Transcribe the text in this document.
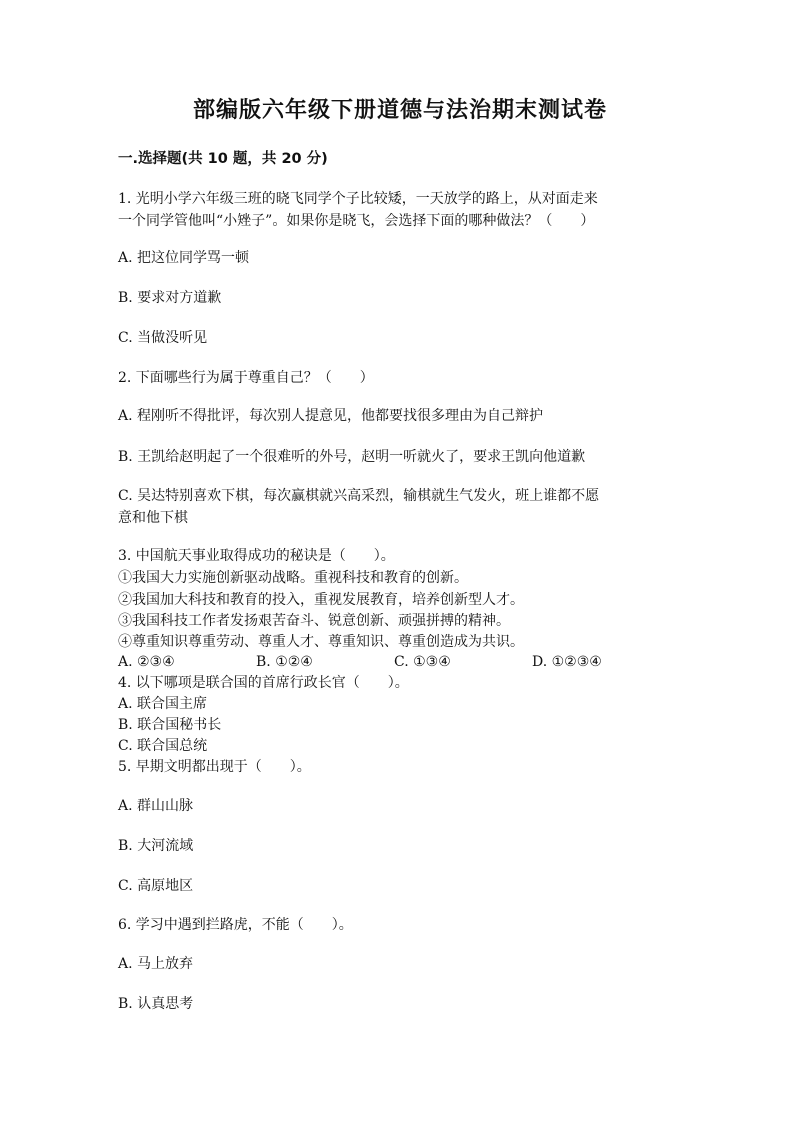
部编版六年级下册道德与法治期末测试卷
一.选择题(共 10 题，共 20 分)
1. 光明小学六年级三班的晓飞同学个子比较矮，一天放学的路上，从对面走来
一个同学管他叫“小矬子”。如果你是晓飞，会选择下面的哪种做法？（　　）
A. 把这位同学骂一顿
B. 要求对方道歉
C. 当做没听见
2. 下面哪些行为属于尊重自己？（　　）
A. 程刚听不得批评，每次别人提意见，他都要找很多理由为自己辩护
B. 王凯给赵明起了一个很难听的外号，赵明一听就火了，要求王凯向他道歉
C. 吴达特别喜欢下棋，每次赢棋就兴高采烈，输棋就生气发火，班上谁都不愿
意和他下棋
3. 中国航天事业取得成功的秘诀是（　　）。
①我国大力实施创新驱动战略。重视科技和教育的创新。
②我国加大科技和教育的投入，重视发展教育，培养创新型人才。
③我国科技工作者发扬艰苦奋斗、锐意创新、顽强拼搏的精神。
④尊重知识尊重劳动、尊重人才、尊重知识、尊重创造成为共识。
A. ②③④	B. ①②④	C. ①③④	D. ①②③④
4. 以下哪项是联合国的首席行政长官（　　）。
A. 联合国主席
B. 联合国秘书长
C. 联合国总统
5. 早期文明都出现于（　　）。
A. 群山山脉
B. 大河流域
C. 高原地区
6. 学习中遇到拦路虎，不能（　　）。
A. 马上放弃
B. 认真思考
